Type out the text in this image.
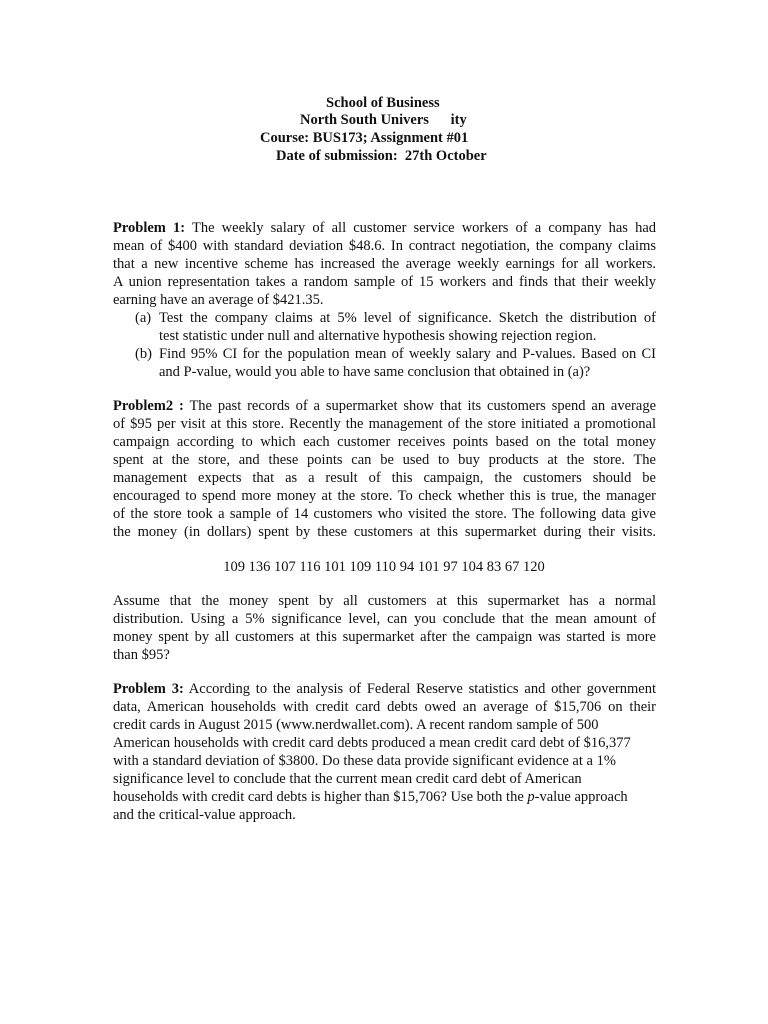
School of Business
North South Univers      ity
Course: BUS173; Assignment #01
Date of submission:  27th October
Problem 1: The weekly salary of all customer service workers of a company has had
mean of $400 with standard deviation $48.6. In contract negotiation, the company claims
that a new incentive scheme has increased the average weekly earnings for all workers.
A union representation takes a random sample of 15 workers and finds that their weekly
earning have an average of $421.35.
(a) Test the company claims at 5% level of significance. Sketch the distribution of
test statistic under null and alternative hypothesis showing rejection region.
(b) Find 95% CI for the population mean of weekly salary and P-values. Based on CI
and P-value, would you able to have same conclusion that obtained in (a)?
Problem2 : The past records of a supermarket show that its customers spend an average
of $95 per visit at this store. Recently the management of the store initiated a promotional
campaign according to which each customer receives points based on the total money
spent at the store, and these points can be used to buy products at the store. The
management expects that as a result of this campaign, the customers should be
encouraged to spend more money at the store. To check whether this is true, the manager
of the store took a sample of 14 customers who visited the store. The following data give
the money (in dollars) spent by these customers at this supermarket during their visits.
109 136 107 116 101 109 110 94 101 97 104 83 67 120
Assume that the money spent by all customers at this supermarket has a normal
distribution. Using a 5% significance level, can you conclude that the mean amount of
money spent by all customers at this supermarket after the campaign was started is more
than $95?
Problem 3: According to the analysis of Federal Reserve statistics and other government
data, American households with credit card debts owed an average of $15,706 on their
credit cards in August 2015 (www.nerdwallet.com). A recent random sample of 500
American households with credit card debts produced a mean credit card debt of $16,377
with a standard deviation of $3800. Do these data provide significant evidence at a 1%
significance level to conclude that the current mean credit card debt of American
households with credit card debts is higher than $15,706? Use both the p-value approach
and the critical-value approach.
